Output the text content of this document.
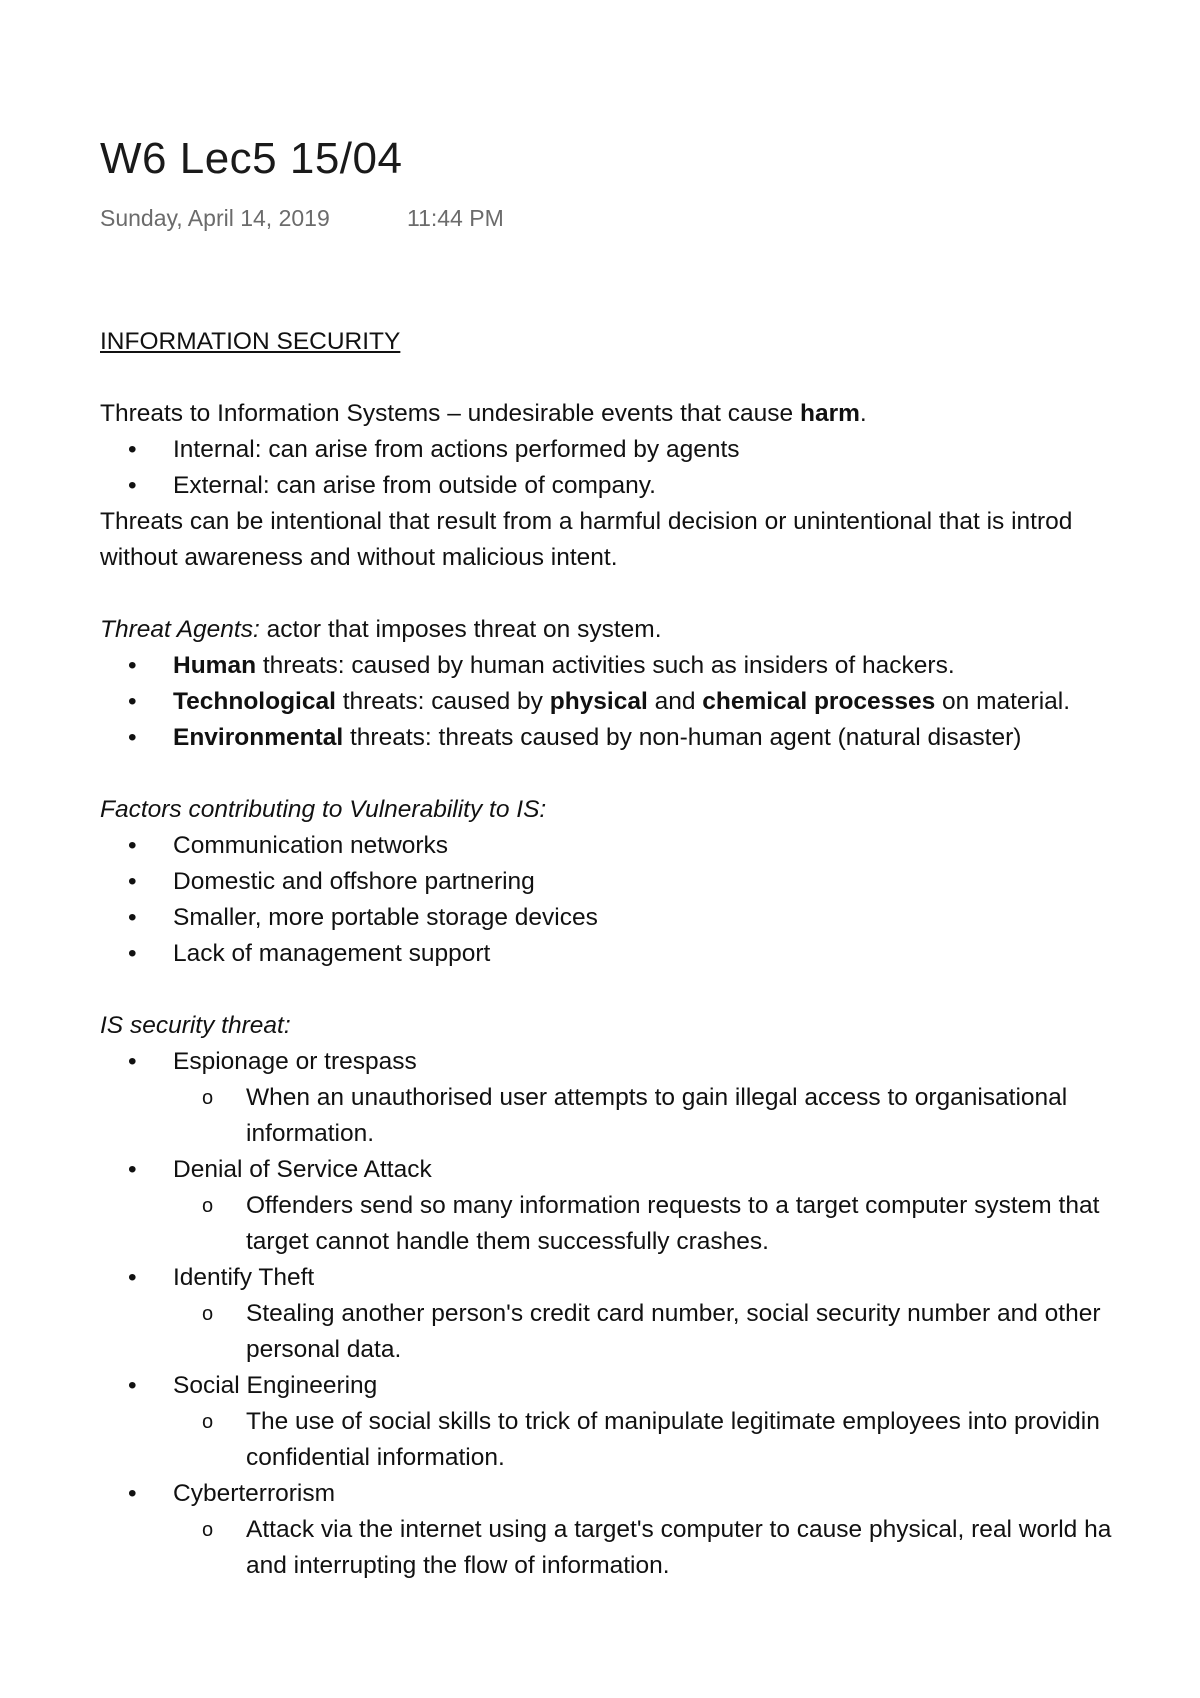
W6 Lec5 15/04
Sunday, April 14, 2019	11:44 PM
INFORMATION SECURITY
Threats to Information Systems – undesirable events that cause harm.
• Internal: can arise from actions performed by agents
• External: can arise from outside of company.
Threats can be intentional that result from a harmful decision or unintentional that is introd
without awareness and without malicious intent.
Threat Agents: actor that imposes threat on system.
• Human threats: caused by human activities such as insiders of hackers.
• Technological threats: caused by physical and chemical processes on material.
• Environmental threats: threats caused by non-human agent (natural disaster)
Factors contributing to Vulnerability to IS:
• Communication networks
• Domestic and offshore partnering
• Smaller, more portable storage devices
• Lack of management support
IS security threat:
• Espionage or trespass
o When an unauthorised user attempts to gain illegal access to organisational
information.
• Denial of Service Attack
o Offenders send so many information requests to a target computer system that
target cannot handle them successfully crashes.
• Identify Theft
o Stealing another person's credit card number, social security number and other
personal data.
• Social Engineering
o The use of social skills to trick of manipulate legitimate employees into providin
confidential information.
• Cyberterrorism
o Attack via the internet using a target's computer to cause physical, real world ha
and interrupting the flow of information.
